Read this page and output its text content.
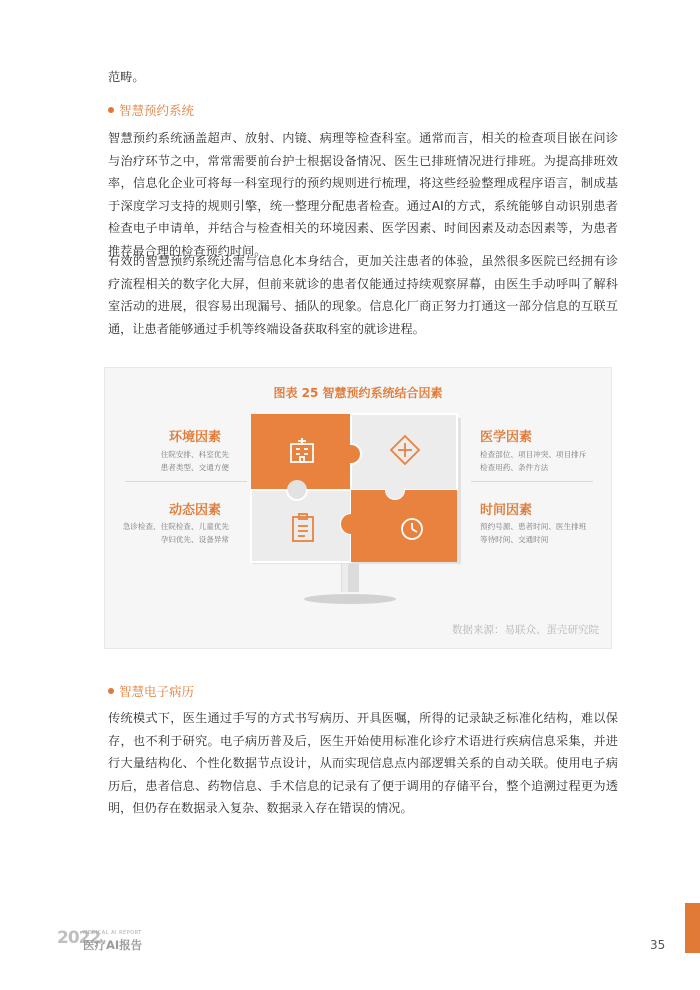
范畴。

智慧预约系统

智慧预约系统涵盖超声、放射、内镜、病理等检查科室。通常而言，相关的检查项目嵌在问诊与治疗环节之中，常常需要前台护士根据设备情况、医生已排班情况进行排班。为提高排班效率，信息化企业可将每一科室现行的预约规则进行梳理，将这些经验整理成程序语言，制成基于深度学习支持的规则引擎，统一整理分配患者检查。通过AI的方式，系统能够自动识别患者检查电子申请单，并结合与检查相关的环境因素、医学因素、时间因素及动态因素等，为患者推荐最合理的检查预约时间。

有效的智慧预约系统还需与信息化本身结合，更加关注患者的体验，虽然很多医院已经拥有诊疗流程相关的数字化大屏，但前来就诊的患者仅能通过持续观察屏幕，由医生手动呼叫了解科室活动的进展，很容易出现漏号、插队的现象。信息化厂商正努力打通这一部分信息的互联互通，让患者能够通过手机等终端设备获取科室的就诊进程。

图表 25 智慧预约系统结合因素
环境因素
住院安排、科室优先
患者类型、交通方便
动态因素
急诊检查、住院检查、儿童优先
孕妇优先、设备异常
医学因素
检查部位、项目冲突、项目排斥
检查用药、条件方法
时间因素
预约号源、患者时间、医生排班
等待时间、交通时间
数据来源：易联众、蛋壳研究院
智慧电子病历

传统模式下，医生通过手写的方式书写病历、开具医嘱，所得的记录缺乏标准化结构，难以保存，也不利于研究。电子病历普及后，医生开始使用标准化诊疗术语进行疾病信息采集，并进行大量结构化、个性化数据节点设计，从而实现信息点内部逻辑关系的自动关联。使用电子病历后，患者信息、药物信息、手术信息的记录有了便于调用的存储平台，整个追溯过程更为透明，但仍存在数据录入复杂、数据录入存在错误的情况。

2022
MEDICAL AI REPORT
医疗AI报告	35
